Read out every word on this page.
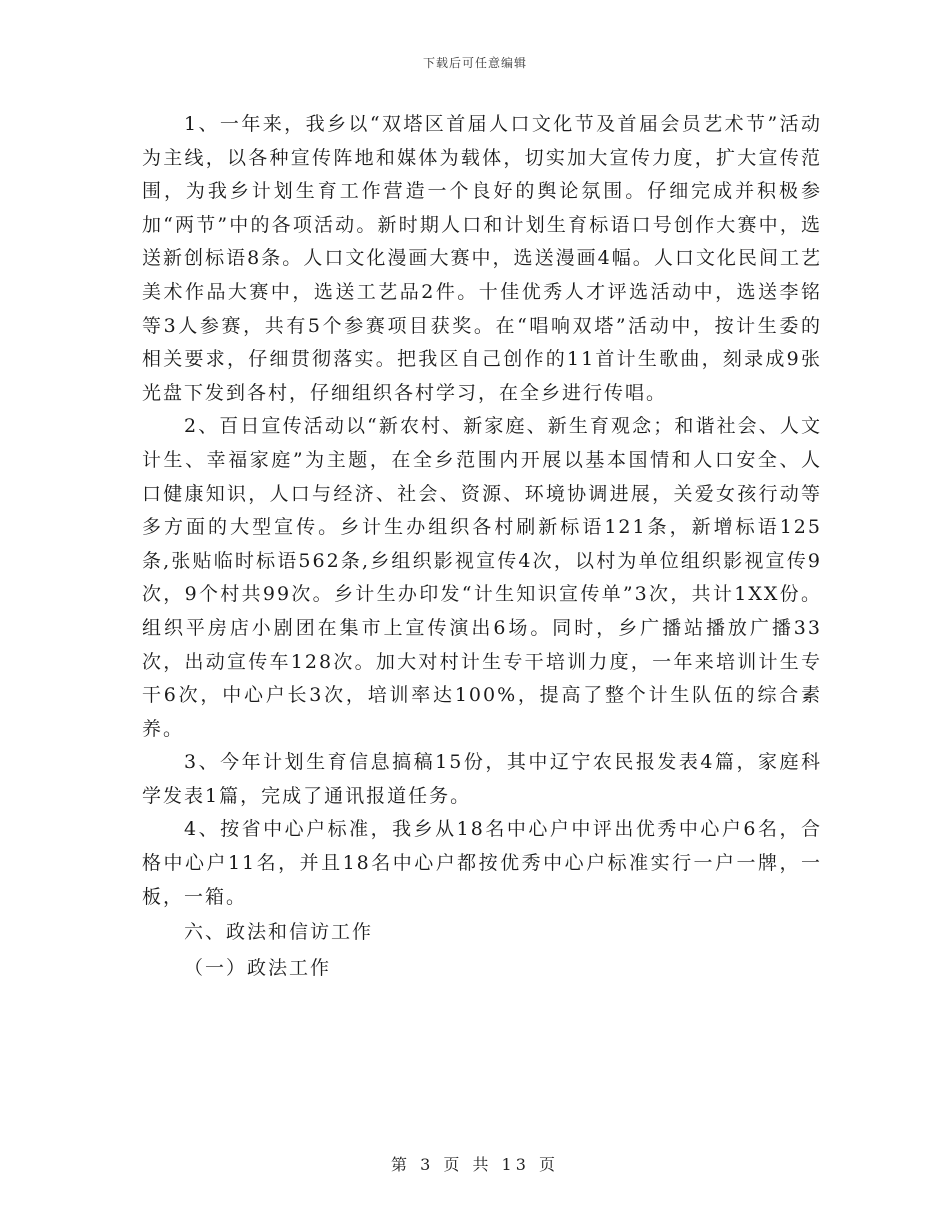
下载后可任意编辑

1、一年来，我乡以“双塔区首届人口文化节及首届会员艺术节”活动为主线，以各种宣传阵地和媒体为载体，切实加大宣传力度，扩大宣传范围，为我乡计划生育工作营造一个良好的舆论氛围。仔细完成并积极参加“两节”中的各项活动。新时期人口和计划生育标语口号创作大赛中，选送新创标语8条。人口文化漫画大赛中，选送漫画4幅。人口文化民间工艺美术作品大赛中，选送工艺品2件。十佳优秀人才评选活动中，选送李铭等3人参赛，共有5个参赛项目获奖。在“唱响双塔”活动中，按计生委的相关要求，仔细贯彻落实。把我区自己创作的11首计生歌曲，刻录成9张光盘下发到各村，仔细组织各村学习，在全乡进行传唱。

2、百日宣传活动以“新农村、新家庭、新生育观念；和谐社会、人文计生、幸福家庭”为主题，在全乡范围内开展以基本国情和人口安全、人口健康知识，人口与经济、社会、资源、环境协调进展，关爱女孩行动等多方面的大型宣传。乡计生办组织各村刷新标语121条，新增标语125条,张贴临时标语562条,乡组织影视宣传4次，以村为单位组织影视宣传9次，9个村共99次。乡计生办印发“计生知识宣传单”3次，共计1XX份。组织平房店小剧团在集市上宣传演出6场。同时，乡广播站播放广播33次，出动宣传车128次。加大对村计生专干培训力度，一年来培训计生专干6次，中心户长3次，培训率达100%，提高了整个计生队伍的综合素养。

3、今年计划生育信息搞稿15份，其中辽宁农民报发表4篇，家庭科学发表1篇，完成了通讯报道任务。

4、按省中心户标准，我乡从18名中心户中评出优秀中心户6名，合格中心户11名，并且18名中心户都按优秀中心户标准实行一户一牌，一板，一箱。

六、政法和信访工作

（一）政法工作

第 3 页 共 13 页
